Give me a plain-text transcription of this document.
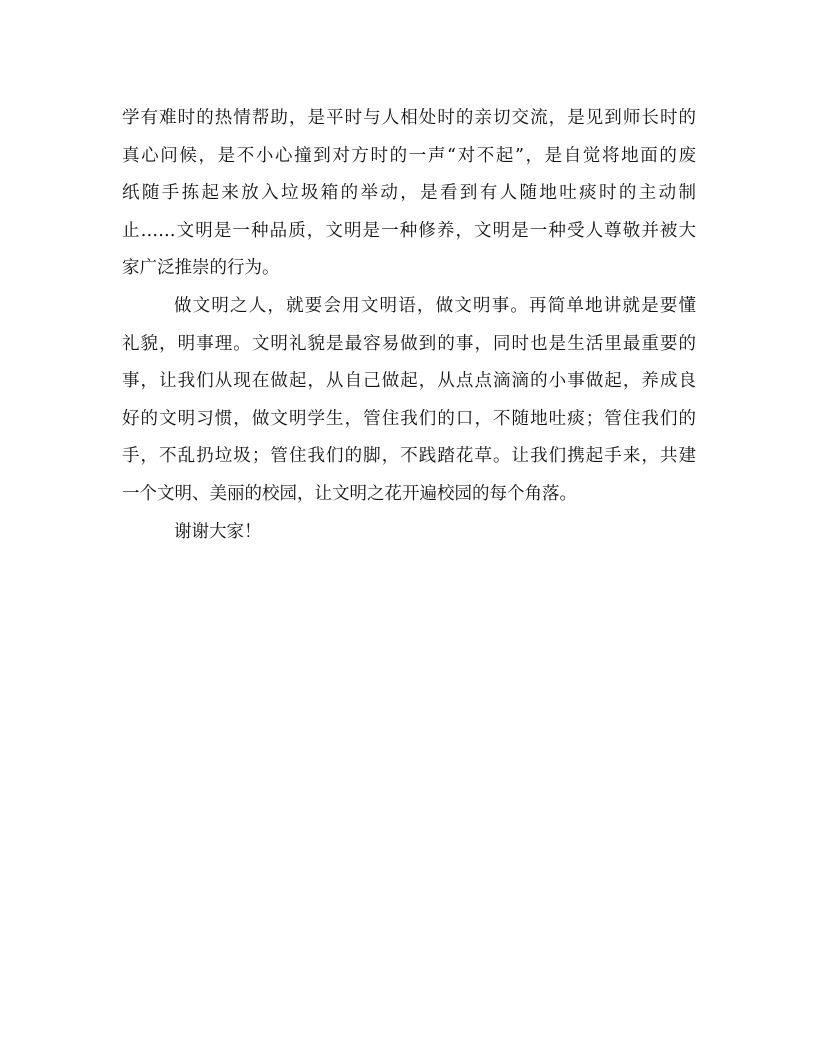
学有难时的热情帮助，是平时与人相处时的亲切交流，是见到师长时的
真心问候，是不小心撞到对方时的一声“对不起”，是自觉将地面的废
纸随手拣起来放入垃圾箱的举动，是看到有人随地吐痰时的主动制
止……文明是一种品质，文明是一种修养，文明是一种受人尊敬并被大
家广泛推崇的行为。
做文明之人，就要会用文明语，做文明事。再简单地讲就是要懂
礼貌，明事理。文明礼貌是最容易做到的事，同时也是生活里最重要的
事，让我们从现在做起，从自己做起，从点点滴滴的小事做起，养成良
好的文明习惯，做文明学生，管住我们的口，不随地吐痰；管住我们的
手，不乱扔垃圾；管住我们的脚，不践踏花草。让我们携起手来，共建
一个文明、美丽的校园，让文明之花开遍校园的每个角落。
谢谢大家！
